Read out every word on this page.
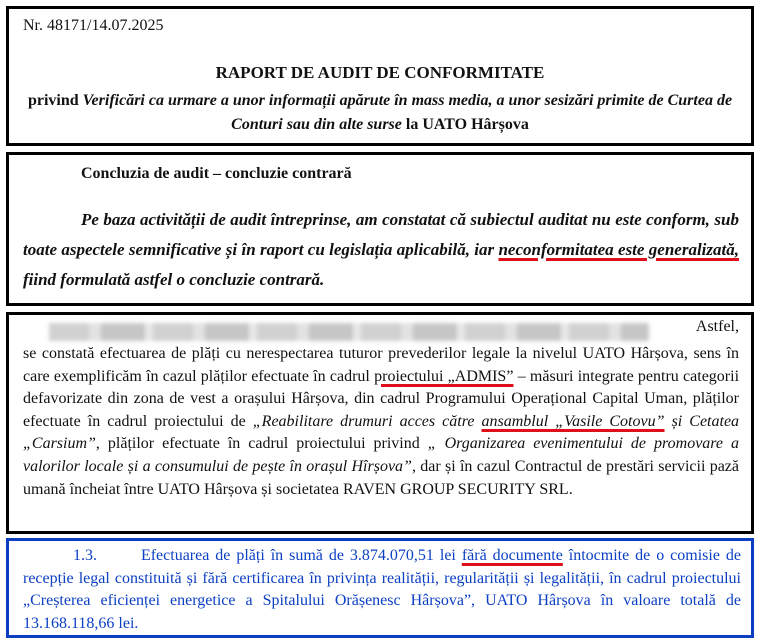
Nr. 48171/14.07.2025
RAPORT DE AUDIT DE CONFORMITATE
privind Verificări ca urmare a unor informații apărute în mass media, a unor sesizări primite de Curtea de Conturi sau din alte surse la UATO Hârșova
Concluzia de audit – concluzie contrară
Pe baza activității de audit întreprinse, am constatat că subiectul auditat nu este conform, sub toate aspectele semnificative și în raport cu legislația aplicabilă, iar neconformitatea este generalizată, fiind formulată astfel o concluzie contrară.
Astfel,
se constată efectuarea de plăți cu nerespectarea tuturor prevederilor legale la nivelul UATO Hârșova, sens în care exemplificăm în cazul plăților efectuate în cadrul proiectului „ADMIS” – măsuri integrate pentru categorii defavorizate din zona de vest a orașului Hârșova, din cadrul Programului Operațional Capital Uman, plăților efectuate în cadrul proiectului de „Reabilitare drumuri acces către ansamblul „Vasile Cotovu” și Cetatea „Carsium”, plăților efectuate în cadrul proiectului privind „ Organizarea evenimentului de promovare a valorilor locale și a consumului de pește în orașul Hîrșova”, dar și în cazul Contractul de prestări servicii pază umană încheiat între UATO Hârșova și societatea RAVEN GROUP SECURITY SRL.
1.3.	Efectuarea de plăți în sumă de 3.874.070,51 lei fără documente întocmite de o comisie de recepție legal constituită și fără certificarea în privința realității, regularității și legalității, în cadrul proiectului „Creșterea eficienței energetice a Spitalului Orășenesc Hârșova”, UATO Hârșova în valoare totală de 13.168.118,66 lei.
